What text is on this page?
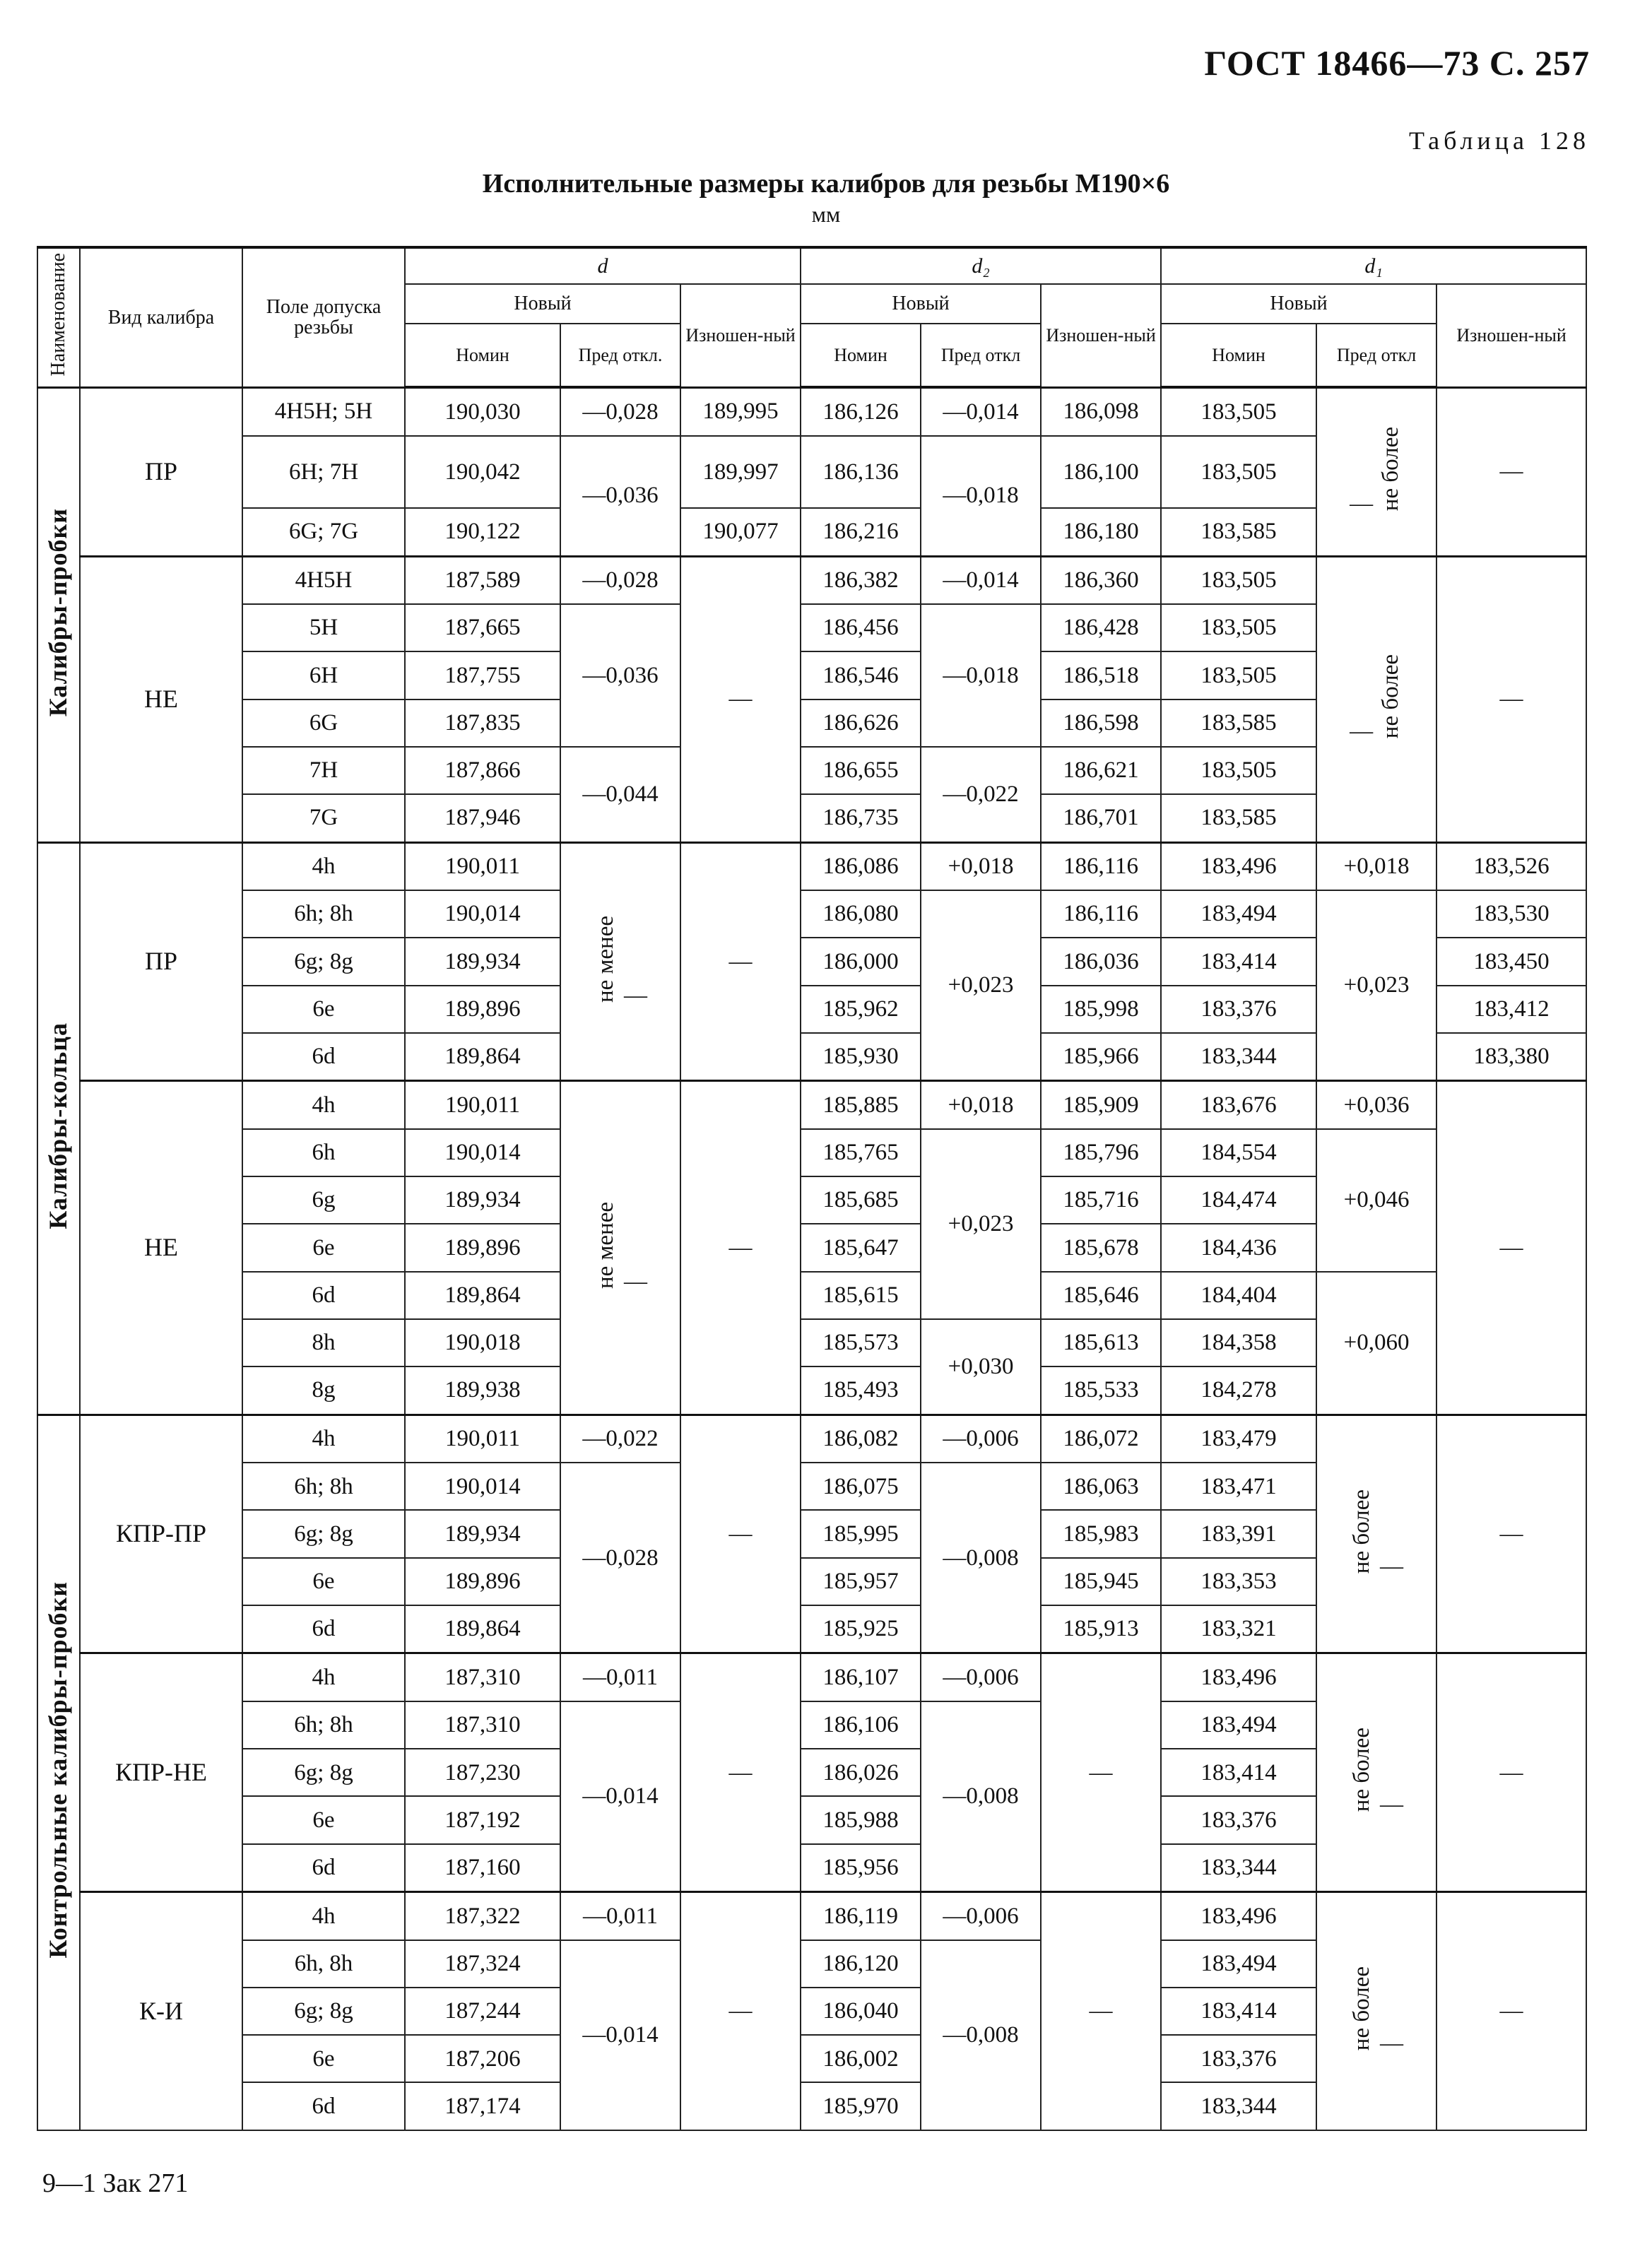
ГОСТ 18466—73 С. 257
Таблица 128
Исполнительные размеры калибров для резьбы М190×6
мм
Наименование	Вид калибра	Поле допуска резьбы	d			d₂			d₁		
			Новый		Изношен-ный	Новый		Изношен-ный	Новый		Изношен-ный
			Номин	Пред откл.		Номин	Пред откл		Номин	Пред откл	
Калибры-пробки	ПР	4Н5Н; 5Н	190,030	—0,028	189,995	186,126	—0,014	186,098	183,505	— не более	—
		6Н; 7Н	190,042	—0,036	189,997	186,136	—0,018	186,100	183,505		
		6G; 7G	190,122		190,077	186,216		186,180	183,585		
	НЕ	4Н5Н	187,589	—0,028	—	186,382	—0,014	186,360	183,505	— не более	—
		5Н	187,665	—0,036		186,456	—0,018	186,428	183,505		
		6Н	187,755			186,546		186,518	183,505		
		6G	187,835			186,626		186,598	183,585		
		7Н	187,866	—0,044		186,655	—0,022	186,621	183,505		
		7G	187,946			186,735		186,701	183,585		
Калибры-кольца	ПР	4h	190,011	не менее —	—	186,086	+0,018	186,116	183,496	+0,018	183,526
		6h; 8h	190,014			186,080	+0,023	186,116	183,494	+0,023	183,530
		6g; 8g	189,934			186,000		186,036	183,414		183,450
		6е	189,896			185,962		185,998	183,376		183,412
		6d	189,864			185,930		185,966	183,344		183,380
	НЕ	4h	190,011	не менее —	—	185,885	+0,018	185,909	183,676	+0,036	—
		6h	190,014			185,765	+0,023	185,796	184,554	+0,046	
		6g	189,934			185,685		185,716	184,474		
		6е	189,896			185,647		185,678	184,436		
		6d	189,864			185,615		185,646	184,404	+0,060	
		8h	190,018			185,573	+0,030	185,613	184,358		
		8g	189,938			185,493		185,533	184,278		
Контрольные калибры-пробки	КПР-ПР	4h	190,011	—0,022	—	186,082	—0,006	186,072	183,479	не более —	—
		6h; 8h	190,014	—0,028		186,075	—0,008	186,063	183,471		
		6g; 8g	189,934			185,995		185,983	183,391		
		6е	189,896			185,957		185,945	183,353		
		6d	189,864			185,925		185,913	183,321		
	КПР-НЕ	4h	187,310	—0,011	—	186,107	—0,006	—	183,496	не более —	—
		6h; 8h	187,310	—0,014		186,106	—0,008		183,494		
		6g; 8g	187,230			186,026			183,414		
		6е	187,192			185,988			183,376		
		6d	187,160			185,956			183,344		
	К-И	4h	187,322	—0,011	—	186,119	—0,006	—	183,496	не более —	—
		6h, 8h	187,324	—0,014		186,120	—0,008		183,494		
		6g; 8g	187,244			186,040			183,414		
		6е	187,206			186,002			183,376		
		6d	187,174			185,970			183,344		
9—1 Зак 271
